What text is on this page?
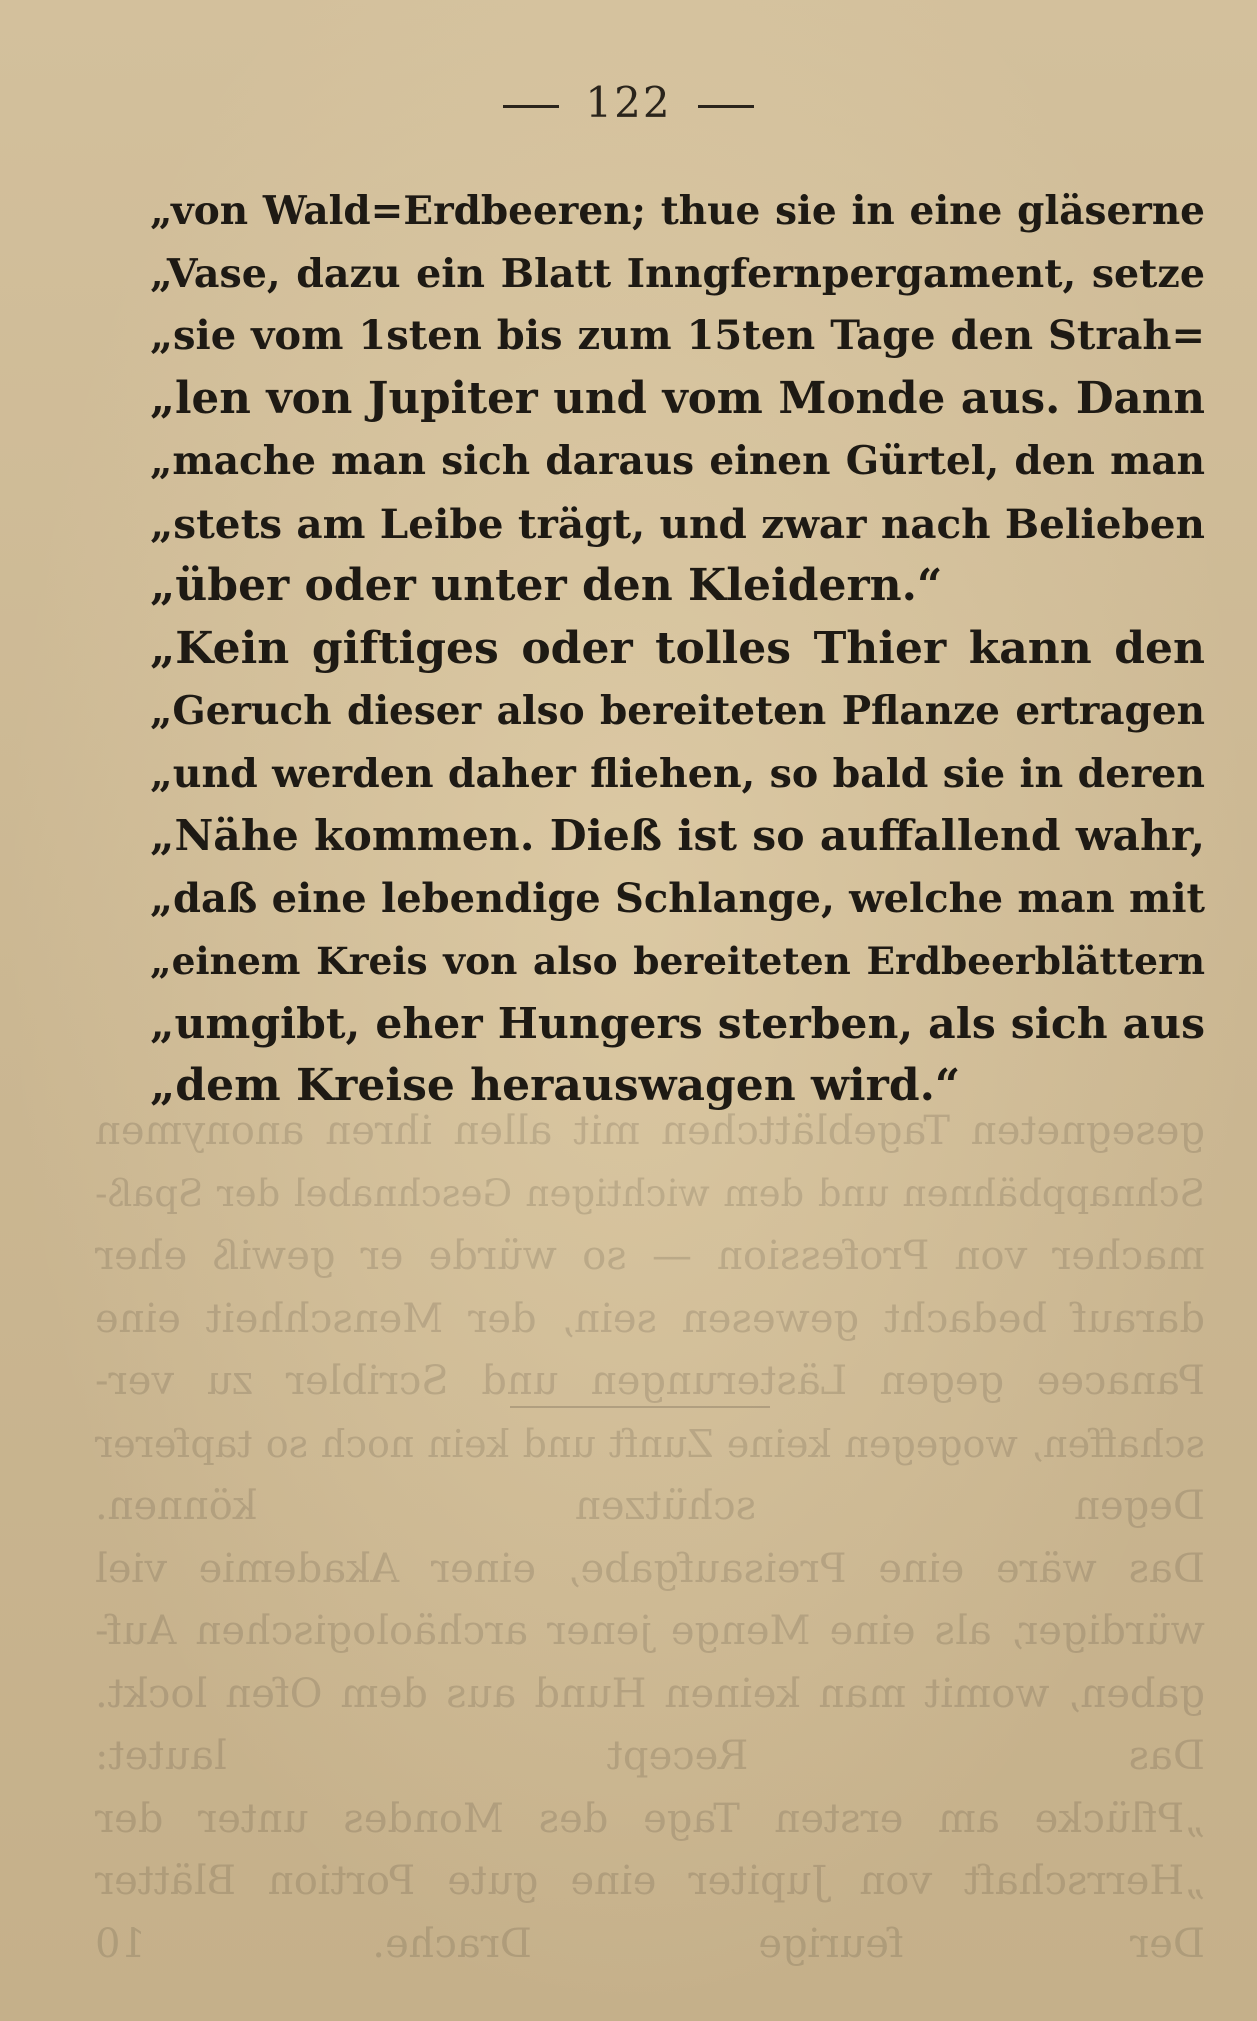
gesegneten Tageblättchen mit allen ihren anonymen
Schnappbähnen und dem wichtigen Geschnabel der Spaß-
macher von Profession — so würde er gewiß eher
darauf bedacht gewesen sein, der Menschheit eine
Panacee gegen Lästerungen und Scribler zu ver-
schaffen, wogegen keine Zunft und kein noch so tapferer
Degen schützen können.
Das wäre eine Preisaufgabe, einer Akademie viel
würdiger, als eine Menge jener archäologischen Auf-
gaben, womit man keinen Hund aus dem Ofen lockt.
Das Recept lautet:
„Pflücke am ersten Tage des Mondes unter der
„Herrschaft von Jupiter eine gute Portion Blätter
Der feurige Drache. 10
122
„von Wald=Erdbeeren; thue sie in eine gläserne
„Vase, dazu ein Blatt Inngfernpergament, setze
„sie vom 1sten bis zum 15ten Tage den Strah=
„len von Jupiter und vom Monde aus. Dann
„mache man sich daraus einen Gürtel, den man
„stets am Leibe trägt, und zwar nach Belieben
„über oder unter den Kleidern.“
„Kein giftiges oder tolles Thier kann den
„Geruch dieser also bereiteten Pflanze ertragen
„und werden daher fliehen, so bald sie in deren
„Nähe kommen. Dieß ist so auffallend wahr,
„daß eine lebendige Schlange, welche man mit
„einem Kreis von also bereiteten Erdbeerblättern
„umgibt, eher Hungers sterben, als sich aus
„dem Kreise herauswagen wird.“
